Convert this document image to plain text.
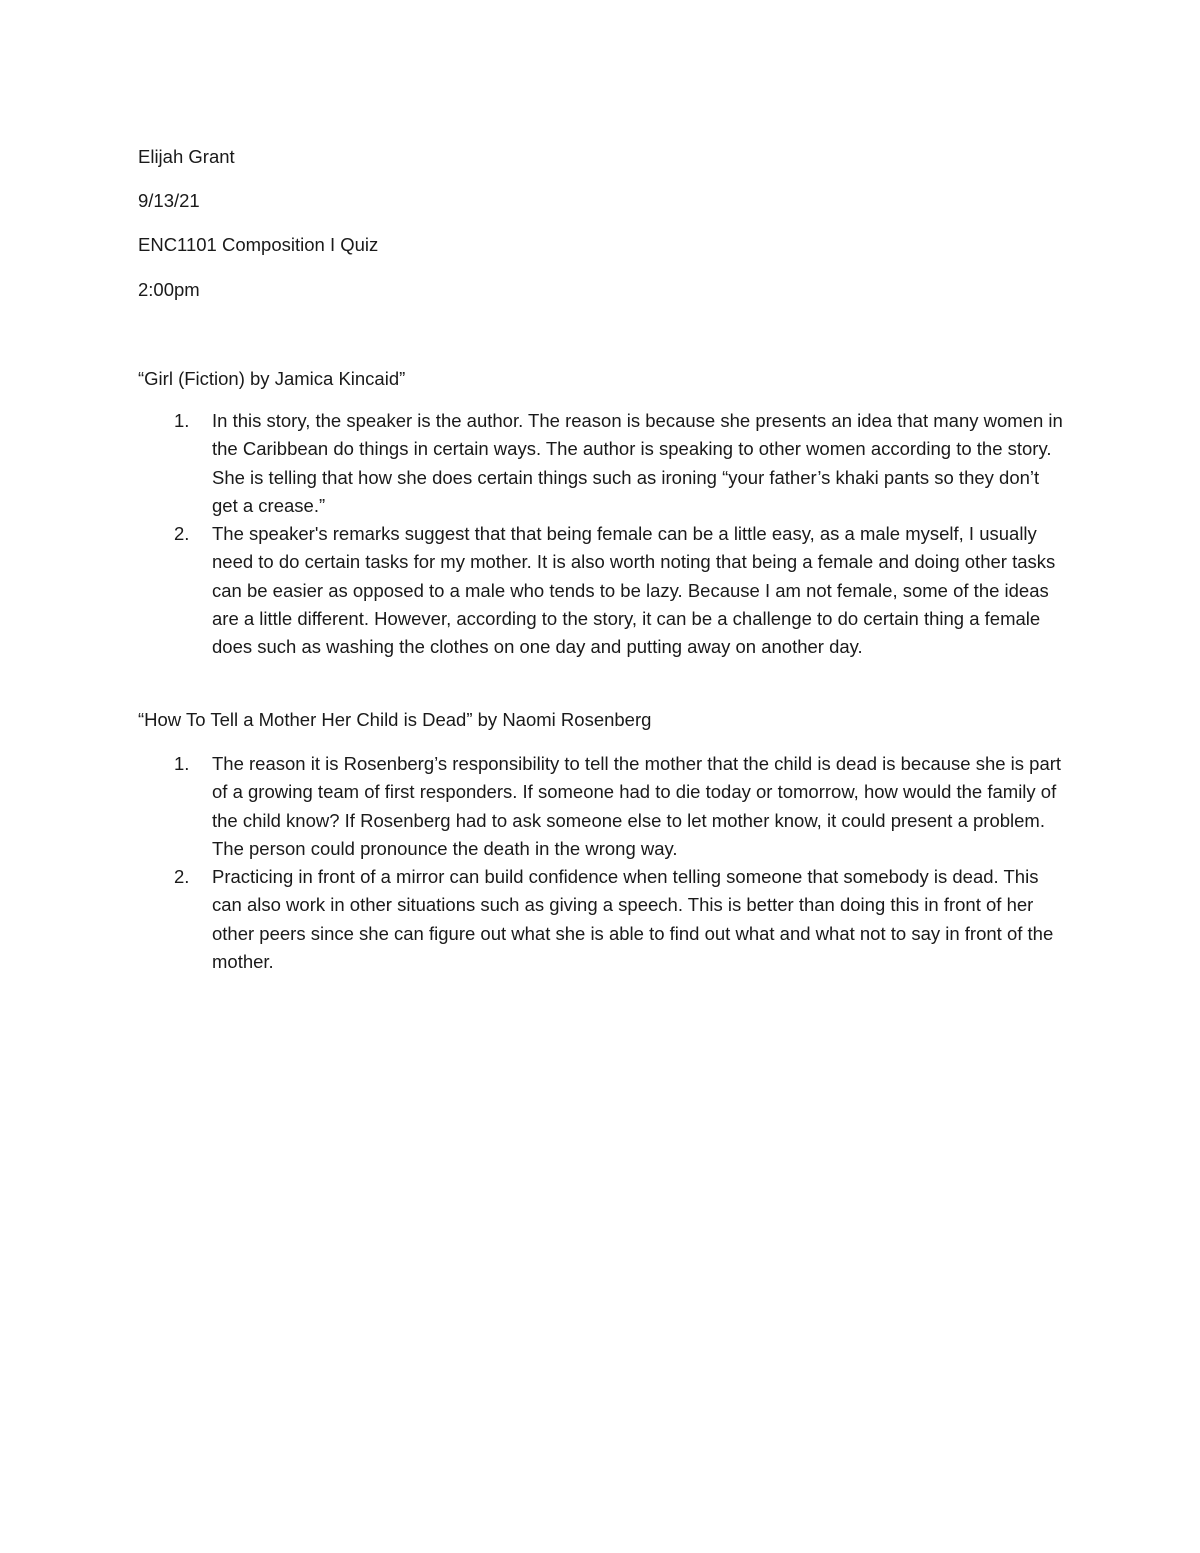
Elijah Grant
9/13/21
ENC1101 Composition I Quiz
2:00pm
“Girl (Fiction) by Jamica Kincaid”
1. In this story, the speaker is the author. The reason is because she presents an idea that many women in the Caribbean do things in certain ways. The author is speaking to other women according to the story. She is telling that how she does certain things such as ironing “your father’s khaki pants so they don’t get a crease.”
2. The speaker's remarks suggest that that being female can be a little easy, as a male myself, I usually need to do certain tasks for my mother. It is also worth noting that being a female and doing other tasks can be easier as opposed to a male who tends to be lazy. Because I am not female, some of the ideas are a little different. However, according to the story, it can be a challenge to do certain thing a female does such as washing the clothes on one day and putting away on another day.
“How To Tell a Mother Her Child is Dead” by Naomi Rosenberg
1. The reason it is Rosenberg’s responsibility to tell the mother that the child is dead is because she is part of a growing team of first responders. If someone had to die today or tomorrow, how would the family of the child know? If Rosenberg had to ask someone else to let mother know, it could present a problem. The person could pronounce the death in the wrong way.
2. Practicing in front of a mirror can build confidence when telling someone that somebody is dead. This can also work in other situations such as giving a speech. This is better than doing this in front of her other peers since she can figure out what she is able to find out what and what not to say in front of the mother.
